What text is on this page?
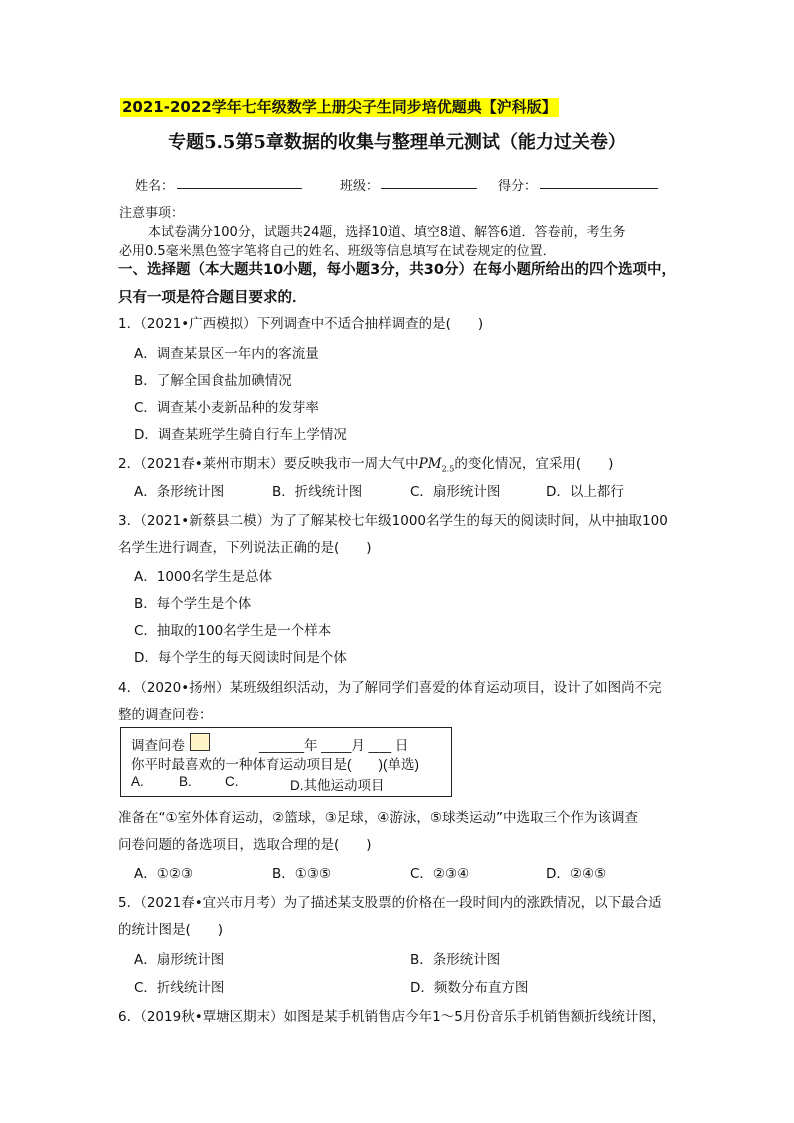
2021-2022学年七年级数学上册尖子生同步培优题典【沪科版】
专题5.5第5章数据的收集与整理单元测试（能力过关卷）
姓名：	班级：	得分：
注意事项：
本试卷满分100分，试题共24题，选择10道、填空8道、解答6道．答卷前，考生务
必用0.5毫米黑色签字笔将自己的姓名、班级等信息填写在试卷规定的位置．
一、选择题（本大题共10小题，每小题3分，共30分）在每小题所给出的四个选项中，
只有一项是符合题目要求的．
1．（2021•广西模拟）下列调查中不适合抽样调查的是(　　)
A．调查某景区一年内的客流量
B．了解全国食盐加碘情况
C．调查某小麦新品种的发芽率
D．调查某班学生骑自行车上学情况
2．（2021春•莱州市期末）要反映我市一周大气中$PM_{2.5}$的变化情况，宜采用(　　)
A．条形统计图	B．折线统计图	C．扇形统计图	D．以上都行
3．（2021•新蔡县二模）为了了解某校七年级1000名学生的每天的阅读时间，从中抽取100
名学生进行调查，下列说法正确的是(　　)
A．1000名学生是总体
B．每个学生是个体
C．抽取的100名学生是一个样本
D．每个学生的每天阅读时间是个体
4．（2020•扬州）某班级组织活动，为了解同学们喜爱的体育运动项目，设计了如图尚不完
整的调查问卷：
调查问卷	______年 ____月 ___ 日
你平时最喜欢的一种体育运动项目是(　　)(单选)
A.	B. C.	D.其他运动项目
准备在“①室外体育运动，②篮球，③足球，④游泳，⑤球类运动”中选取三个作为该调查
问卷问题的备选项目，选取合理的是(　　)
A．①②③	B．①③⑤	C．②③④	D．②④⑤
5．（2021春•宜兴市月考）为了描述某支股票的价格在一段时间内的涨跌情况，以下最合适
的统计图是(　　)
A．扇形统计图	B．条形统计图
C．折线统计图	D．频数分布直方图
6．（2019秋•覃塘区期末）如图是某手机销售店今年1～5月份音乐手机销售额折线统计图，
